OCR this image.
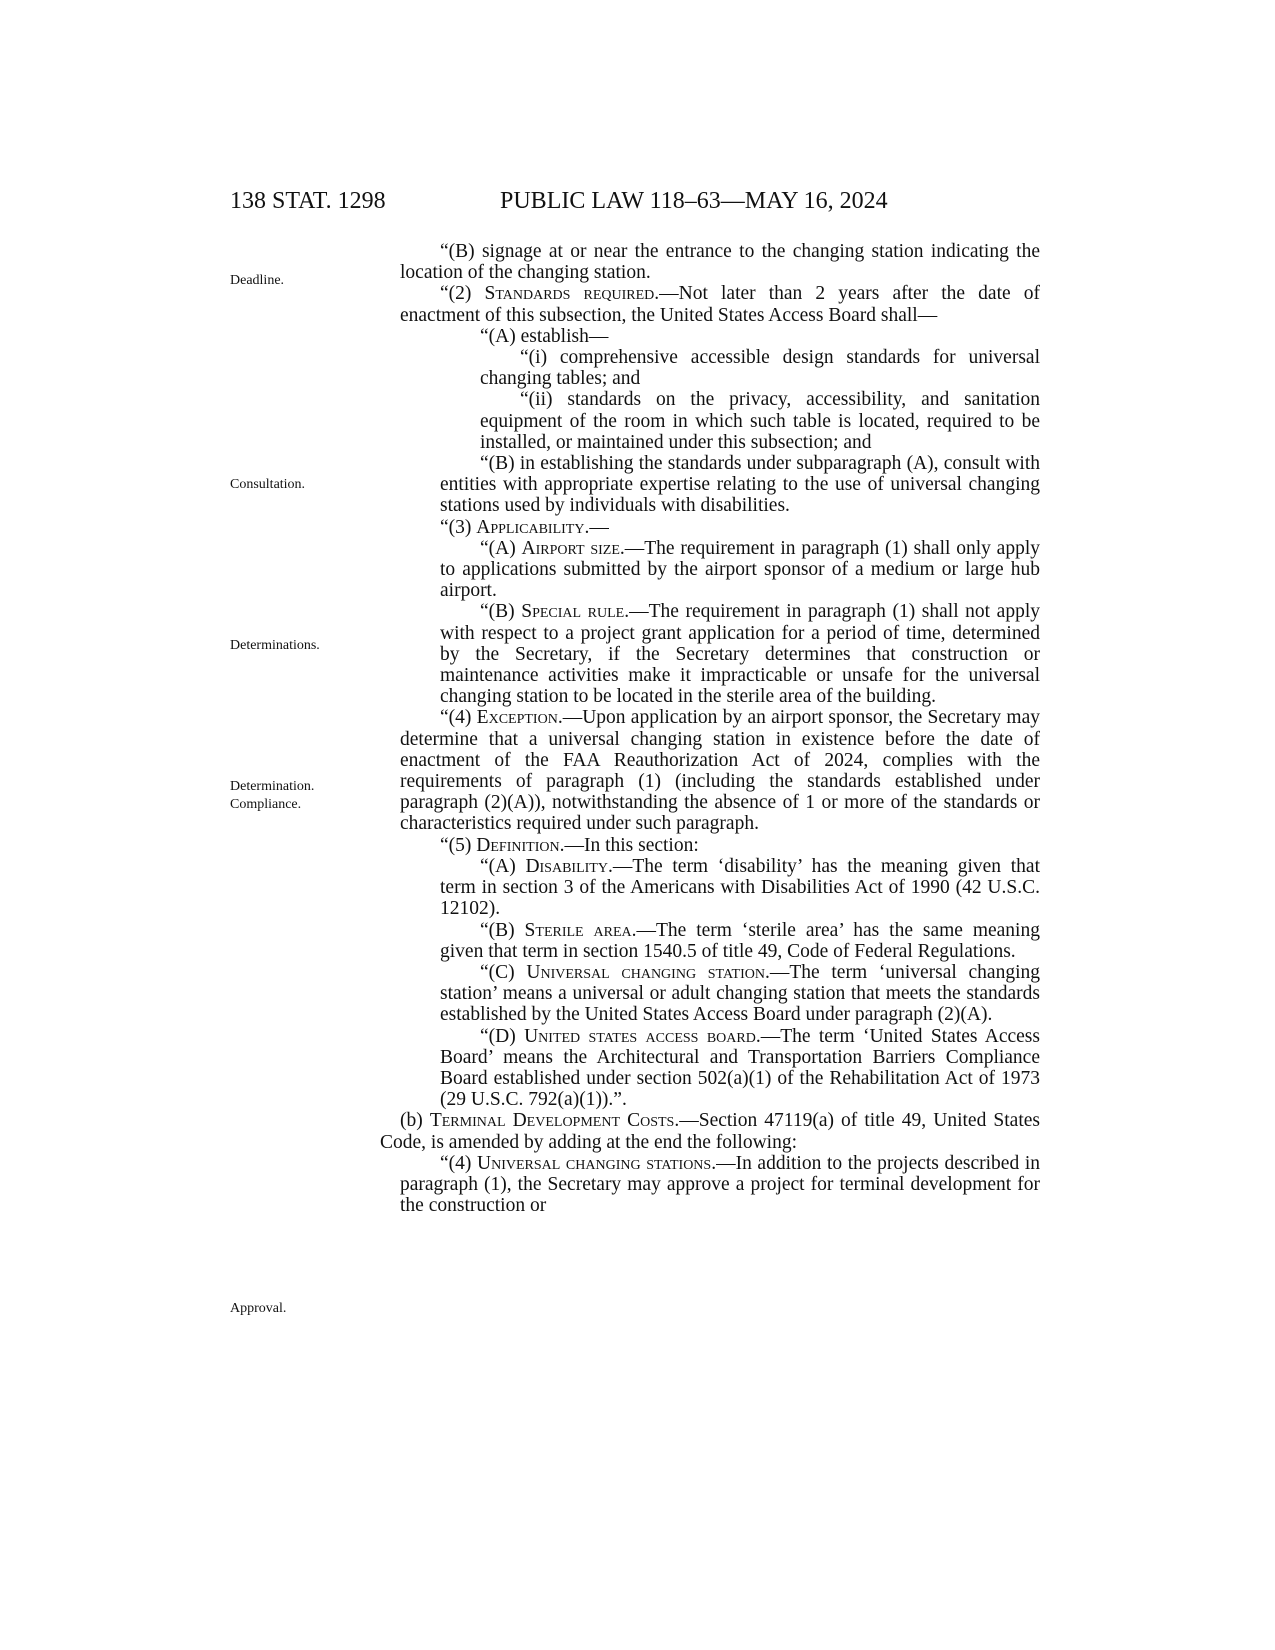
138 STAT. 1298	PUBLIC LAW 118–63—MAY 16, 2024
Deadline.
Consultation.
Determinations.
Determination.
Compliance.
Approval.
“(B) signage at or near the entrance to the changing station indicating the location of the changing station.
“(2) Standards required.—Not later than 2 years after the date of enactment of this subsection, the United States Access Board shall—
“(A) establish—
“(i) comprehensive accessible design standards for universal changing tables; and
“(ii) standards on the privacy, accessibility, and sanitation equipment of the room in which such table is located, required to be installed, or maintained under this subsection; and
“(B) in establishing the standards under subparagraph (A), consult with entities with appropriate expertise relating to the use of universal changing stations used by individuals with disabilities.
“(3) Applicability.—
“(A) Airport size.—The requirement in paragraph (1) shall only apply to applications submitted by the airport sponsor of a medium or large hub airport.
“(B) Special rule.—The requirement in paragraph (1) shall not apply with respect to a project grant application for a period of time, determined by the Secretary, if the Secretary determines that construction or maintenance activities make it impracticable or unsafe for the universal changing station to be located in the sterile area of the building.
“(4) Exception.—Upon application by an airport sponsor, the Secretary may determine that a universal changing station in existence before the date of enactment of the FAA Reauthorization Act of 2024, complies with the requirements of paragraph (1) (including the standards established under paragraph (2)(A)), notwithstanding the absence of 1 or more of the standards or characteristics required under such paragraph.
“(5) Definition.—In this section:
“(A) Disability.—The term ‘disability’ has the meaning given that term in section 3 of the Americans with Disabilities Act of 1990 (42 U.S.C. 12102).
“(B) Sterile area.—The term ‘sterile area’ has the same meaning given that term in section 1540.5 of title 49, Code of Federal Regulations.
“(C) Universal changing station.—The term ‘universal changing station’ means a universal or adult changing station that meets the standards established by the United States Access Board under paragraph (2)(A).
“(D) United states access board.—The term ‘United States Access Board’ means the Architectural and Transportation Barriers Compliance Board established under section 502(a)(1) of the Rehabilitation Act of 1973 (29 U.S.C. 792(a)(1)).”.
(b) Terminal Development Costs.—Section 47119(a) of title 49, United States Code, is amended by adding at the end the following:
“(4) Universal changing stations.—In addition to the projects described in paragraph (1), the Secretary may approve a project for terminal development for the construction or
